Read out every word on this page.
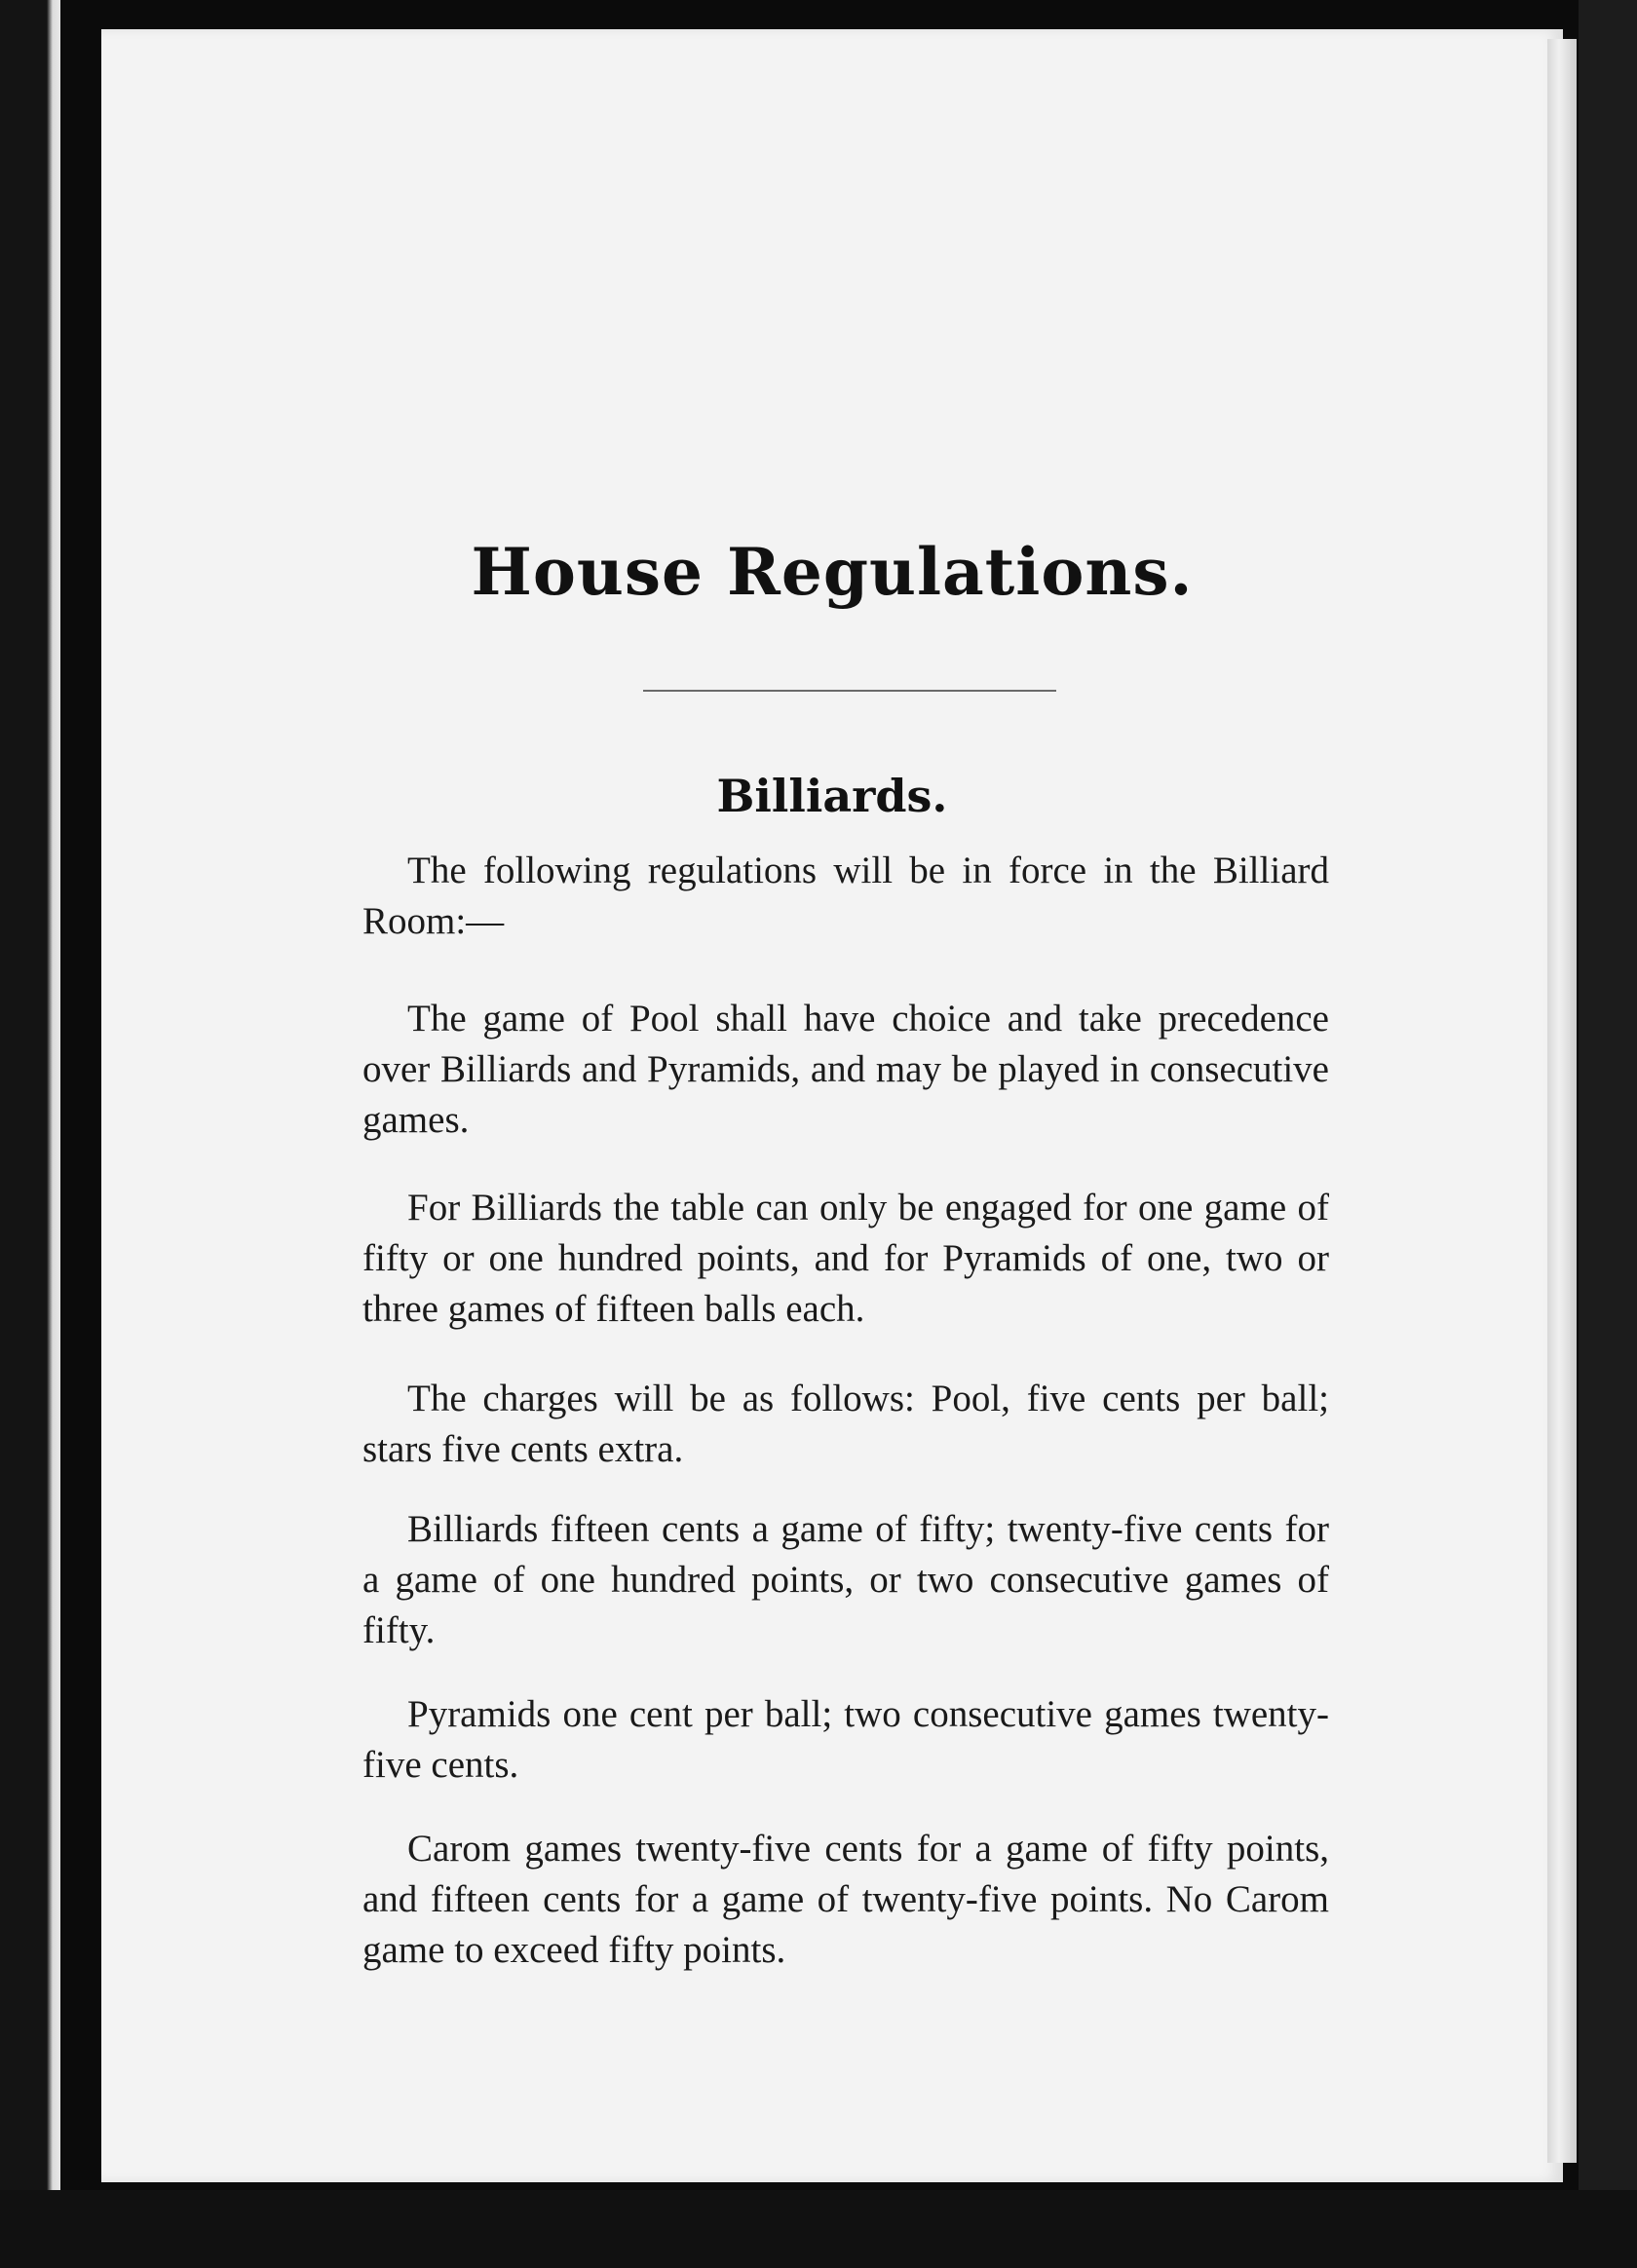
House Regulations.
Billiards.

The following regulations will be in force in the Billiard Room:—

The game of Pool shall have choice and take precedence over Billiards and Pyramids, and may be played in consecutive games.

For Billiards the table can only be engaged for one game of fifty or one hundred points, and for Pyramids of one, two or three games of fifteen balls each.

The charges will be as follows: Pool, five cents per ball; stars five cents extra.

Billiards fifteen cents a game of fifty; twenty-five cents for a game of one hundred points, or two consecutive games of fifty.

Pyramids one cent per ball; two consecutive games twenty-five cents.

Carom games twenty-five cents for a game of fifty points, and fifteen cents for a game of twenty-five points. No Carom game to exceed fifty points.
